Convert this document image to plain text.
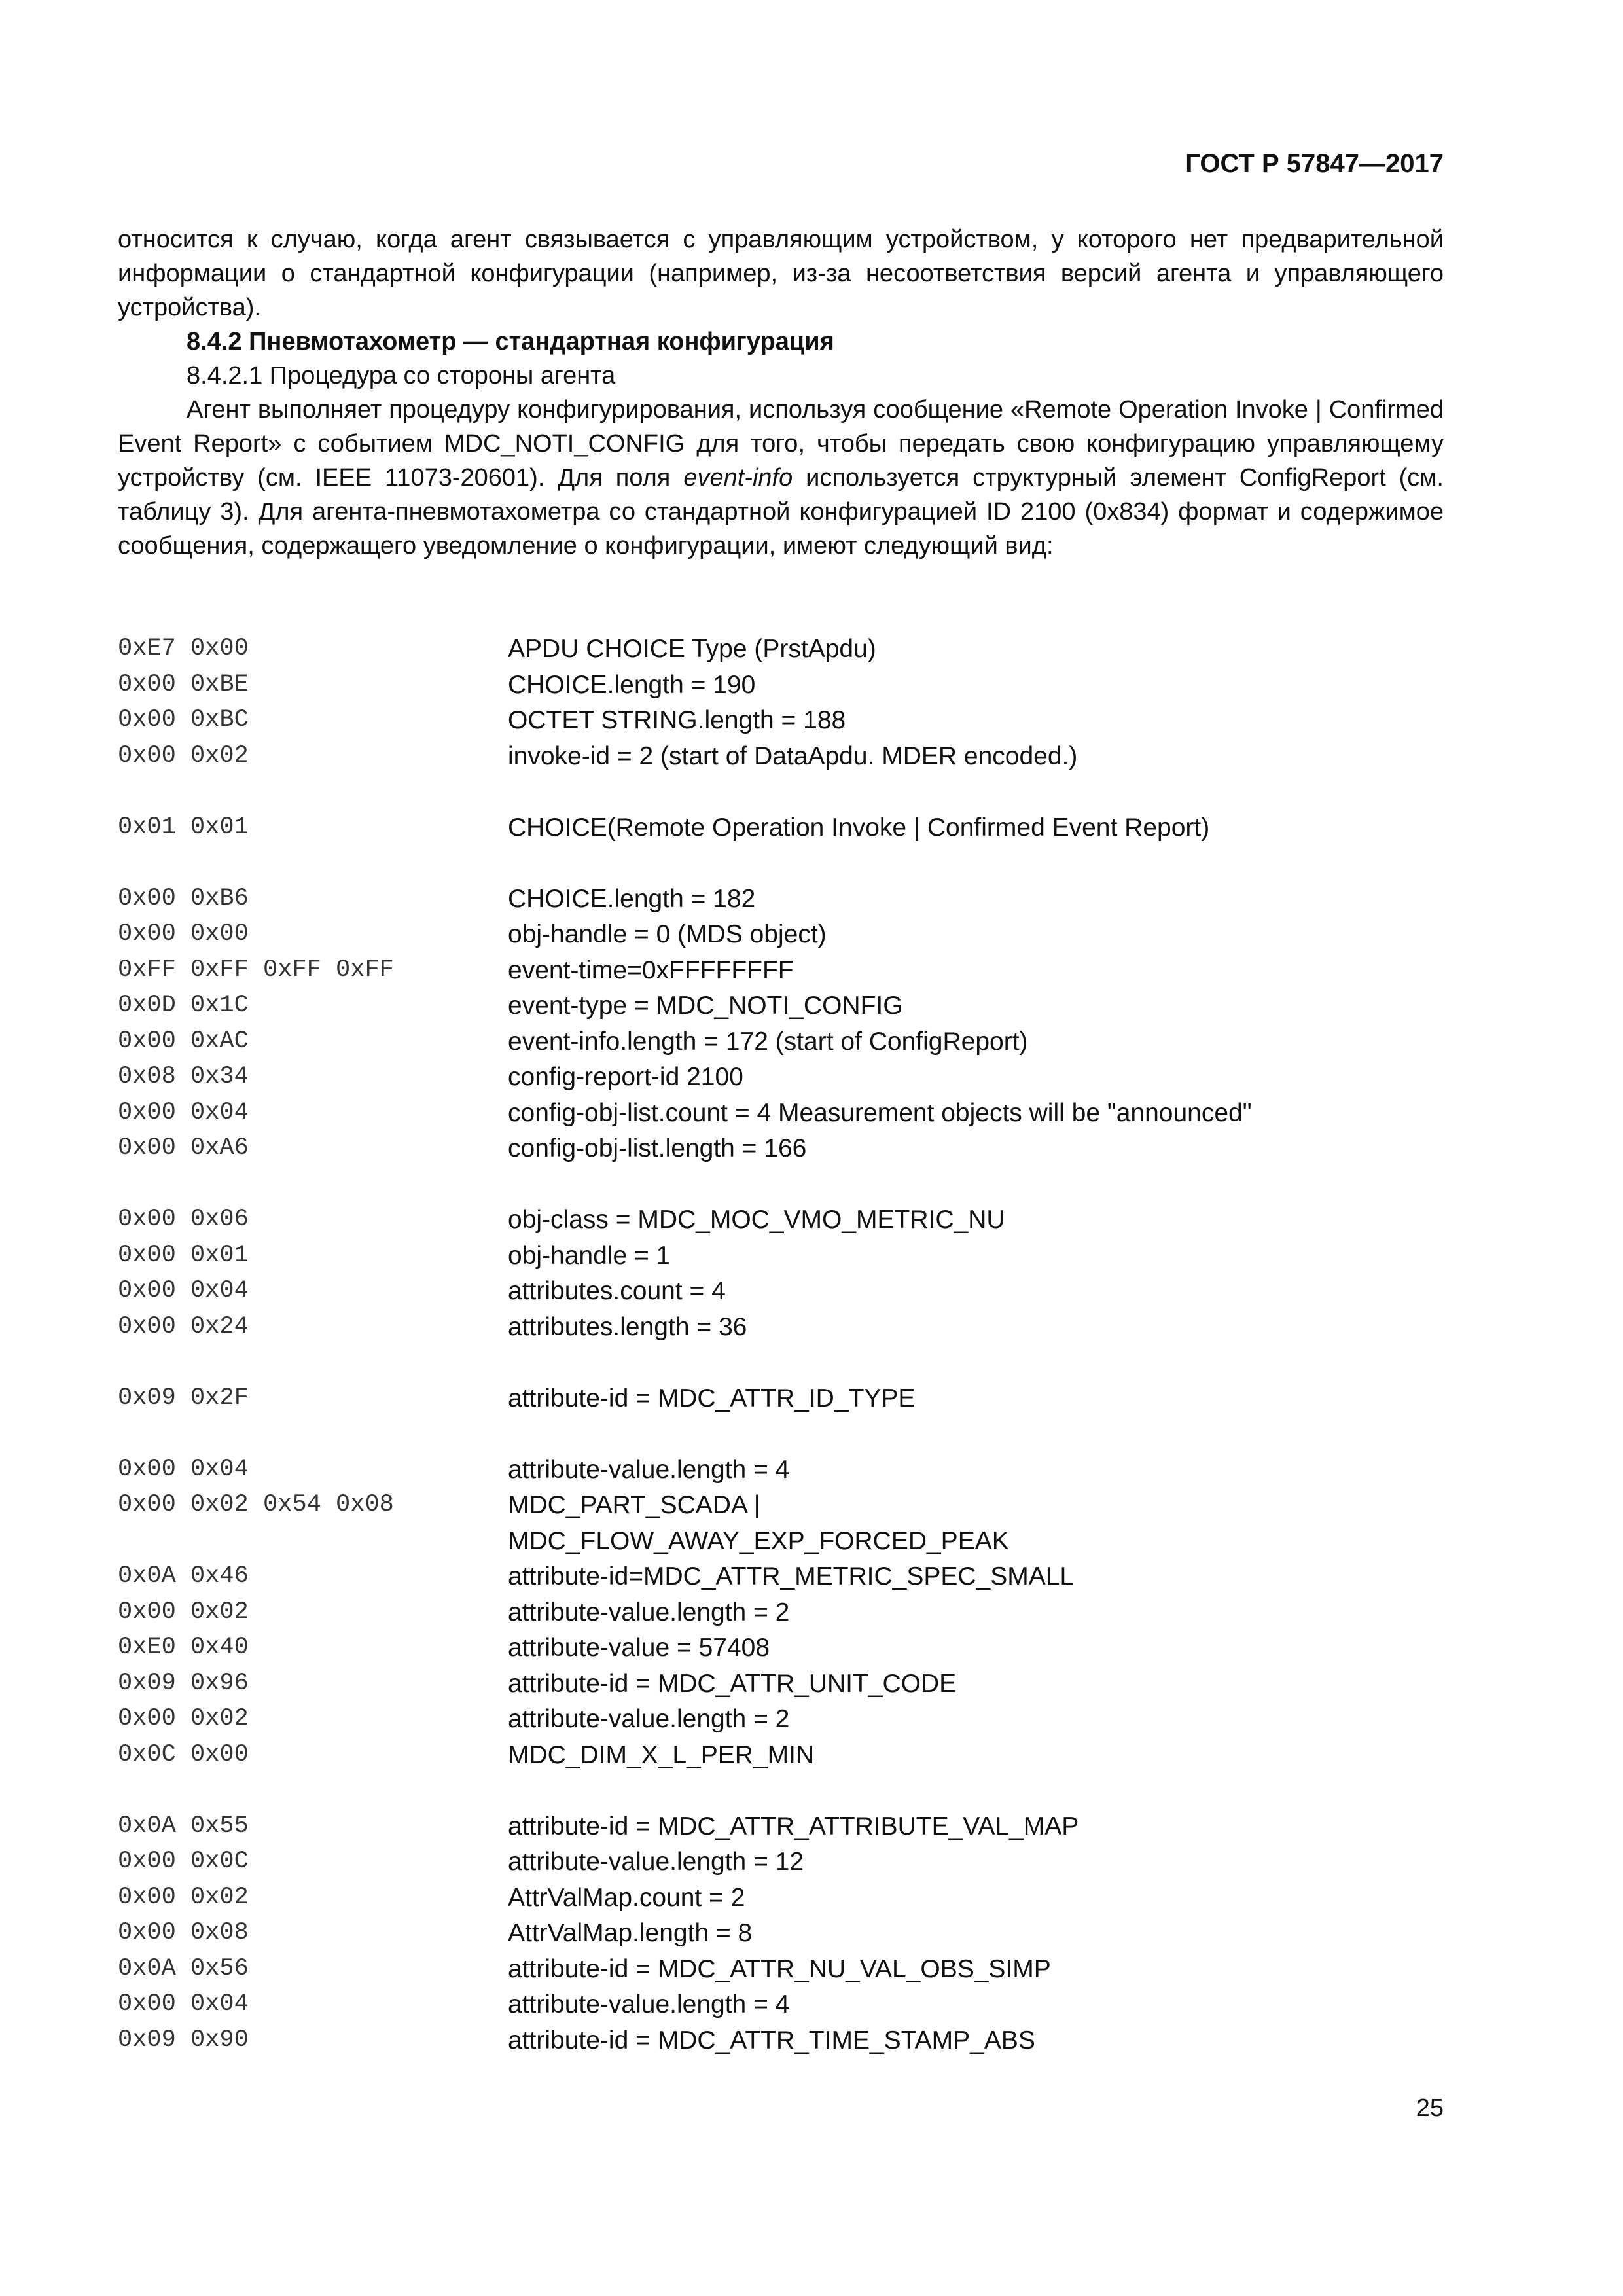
ГОСТ Р 57847—2017

относится к случаю, когда агент связывается с управляющим устройством, у которого нет предварительной информации о стандартной конфигурации (например, из-за несоответствия версий агента и управляющего устройства).

8.4.2 Пневмотахометр — стандартная конфигурация

8.4.2.1 Процедура со стороны агента

Агент выполняет процедуру конфигурирования, используя сообщение «Remote Operation Invoke | Confirmed Event Report» с событием MDC_NOTI_CONFIG для того, чтобы передать свою конфигурацию управляющему устройству (см. IEEE 11073-20601). Для поля event-info используется структурный элемент ConfigReport (см. таблицу 3). Для агента-пневмотахометра со стандартной конфигурацией ID 2100 (0x834) формат и содержимое сообщения, содержащего уведомление о конфигурации, имеют следующий вид:

0xE7 0x00	APDU CHOICE Type (PrstApdu)
0x00 0xBE	CHOICE.length = 190
0x00 0xBC	OCTET STRING.length = 188
0x00 0x02	invoke-id = 2 (start of DataApdu. MDER encoded.)
0x01 0x01	CHOICE(Remote Operation Invoke | Confirmed Event Report)
0x00 0xB6	CHOICE.length = 182
0x00 0x00	obj-handle = 0 (MDS object)
0xFF 0xFF 0xFF 0xFF	event-time=0xFFFFFFFF
0x0D 0x1C	event-type = MDC_NOTI_CONFIG
0x00 0xAC	event-info.length = 172 (start of ConfigReport)
0x08 0x34	config-report-id 2100
0x00 0x04	config-obj-list.count = 4 Measurement objects will be "announced"
0x00 0xA6	config-obj-list.length = 166
0x00 0x06	obj-class = MDC_MOC_VMO_METRIC_NU
0x00 0x01	obj-handle = 1
0x00 0x04	attributes.count = 4
0x00 0x24	attributes.length = 36
0x09 0x2F	attribute-id = MDC_ATTR_ID_TYPE
0x00 0x04	attribute-value.length = 4
0x00 0x02 0x54 0x08	MDC_PART_SCADA |
MDC_FLOW_AWAY_EXP_FORCED_PEAK
0x0A 0x46	attribute-id=MDC_ATTR_METRIC_SPEC_SMALL
0x00 0x02	attribute-value.length = 2
0xE0 0x40	attribute-value = 57408
0x09 0x96	attribute-id = MDC_ATTR_UNIT_CODE
0x00 0x02	attribute-value.length = 2
0x0C 0x00	MDC_DIM_X_L_PER_MIN
0x0A 0x55	attribute-id = MDC_ATTR_ATTRIBUTE_VAL_MAP
0x00 0x0C	attribute-value.length = 12
0x00 0x02	AttrValMap.count = 2
0x00 0x08	AttrValMap.length = 8
0x0A 0x56	attribute-id = MDC_ATTR_NU_VAL_OBS_SIMP
0x00 0x04	attribute-value.length = 4
0x09 0x90	attribute-id = MDC_ATTR_TIME_STAMP_ABS
25
